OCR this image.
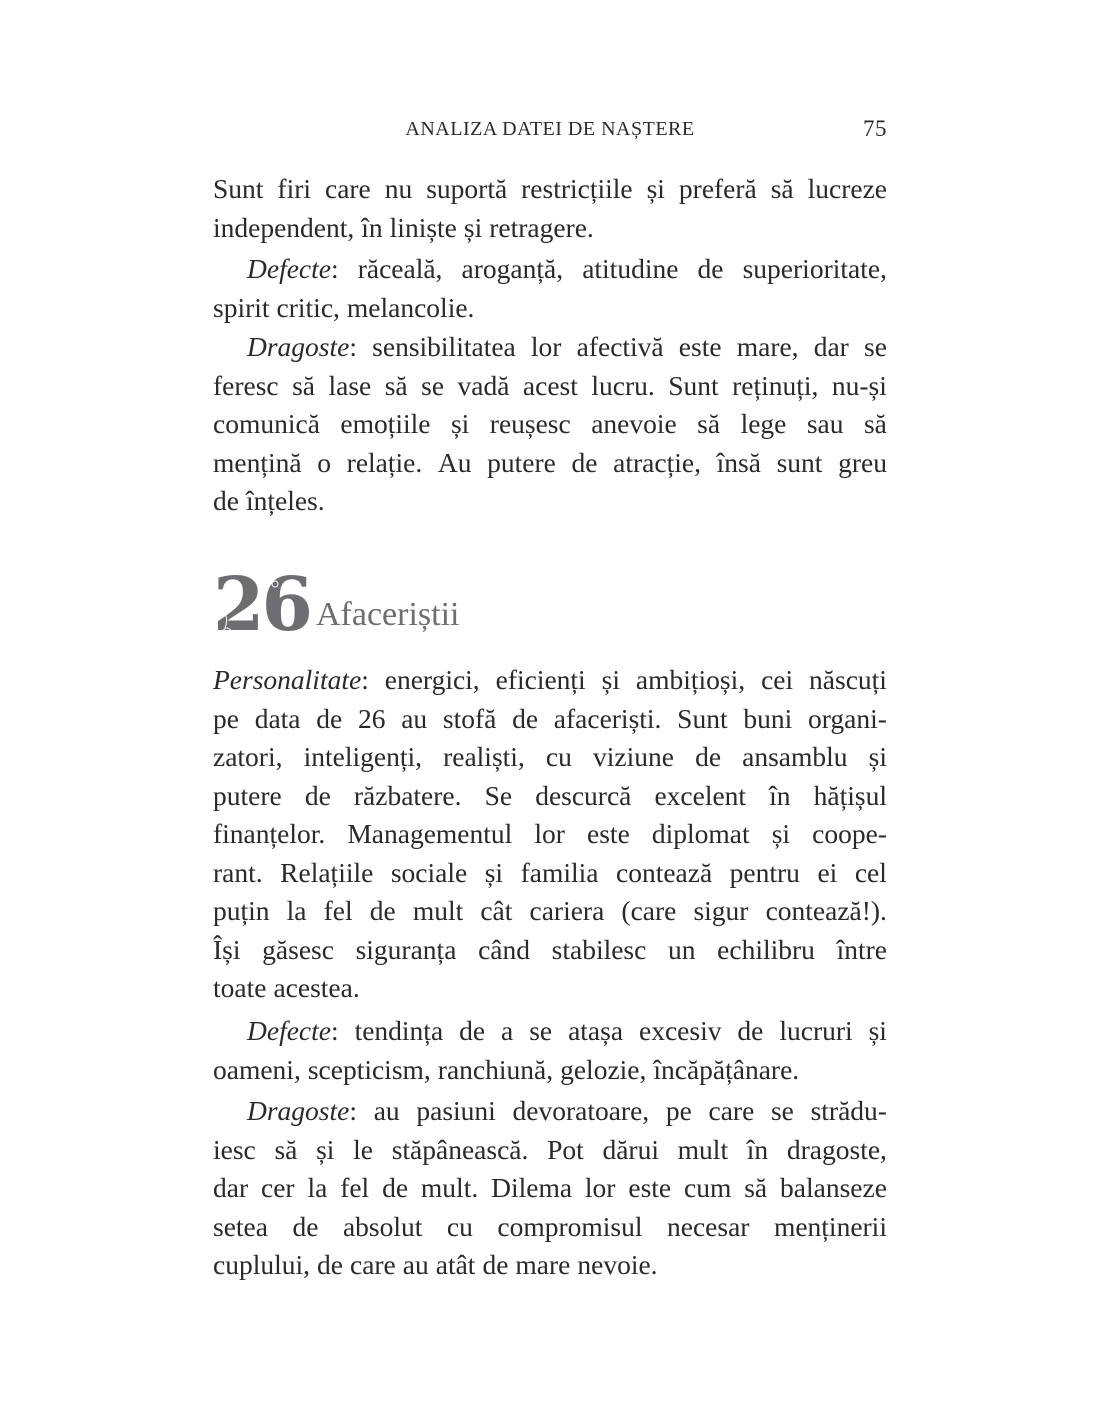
ANALIZA DATEI DE NAȘTERE	75
26 Afaceriștii
Sunt firi care nu suportă restricțiile și preferă să lucreze
independent, în liniște și retragere.
Defecte: răceală, aroganță, atitudine de superioritate,
spirit critic, melancolie.
Dragoste: sensibilitatea lor afectivă este mare, dar se
feresc să lase să se vadă acest lucru. Sunt reținuți, nu-și
comunică emoțiile și reușesc anevoie să lege sau să
mențină o relație. Au putere de atracție, însă sunt greu
de înțeles.
Personalitate: energici, eficienți și ambițioși, cei născuți
pe data de 26 au stofă de afaceriști. Sunt buni organi-
zatori, inteligenți, realiști, cu viziune de ansamblu și
putere de răzbatere. Se descurcă excelent în hățișul
finanțelor. Managementul lor este diplomat și coope-
rant. Relațiile sociale și familia contează pentru ei cel
puțin la fel de mult cât cariera (care sigur contează!).
Își găsesc siguranța când stabilesc un echilibru între
toate acestea.
Defecte: tendința de a se atașa excesiv de lucruri și
oameni, scepticism, ranchiună, gelozie, încăpățânare.
Dragoste: au pasiuni devoratoare, pe care se strădu-
iesc să și le stăpânească. Pot dărui mult în dragoste,
dar cer la fel de mult. Dilema lor este cum să balanseze
setea de absolut cu compromisul necesar menținerii
cuplului, de care au atât de mare nevoie.
